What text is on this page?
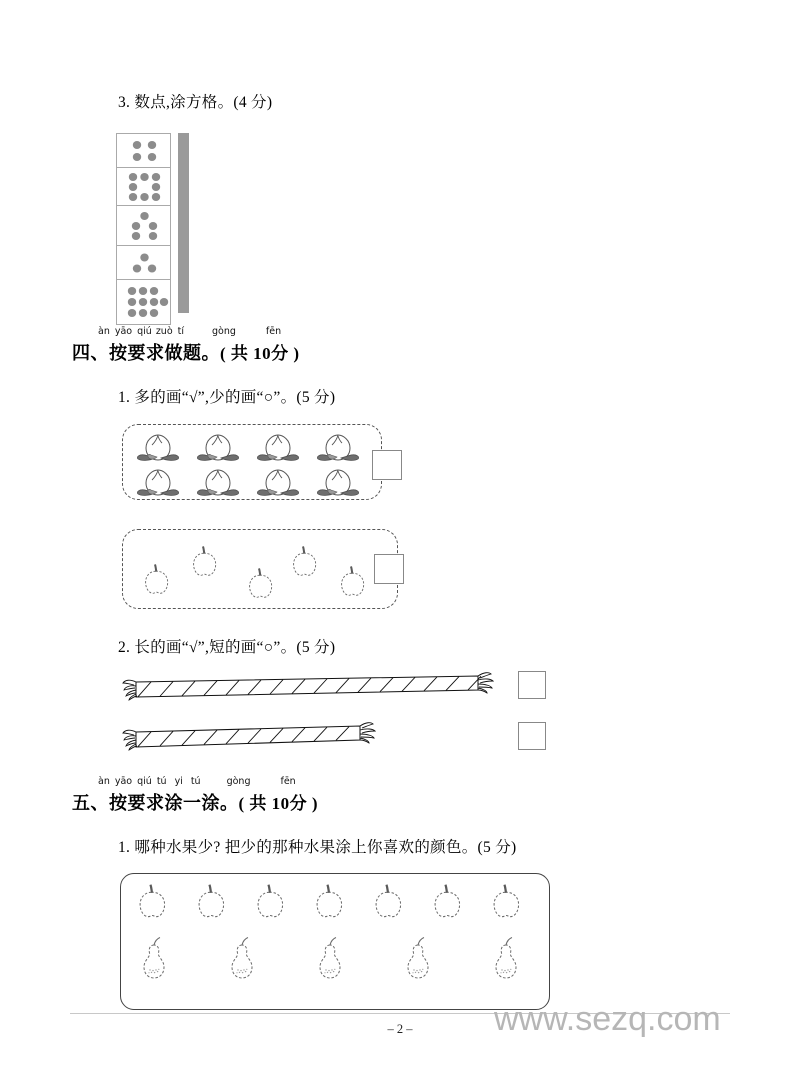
3. 数点,涂方格。(4 分)

àn yāo qiú zuò tí	gòng	fēn
四、按要求做题。( 共 10分 )
1. 多的画“√”,少的画“○”。(5 分)
2. 长的画“√”,短的画“○”。(5 分)
àn yāo qiú tú yi tú	gòng	fēn
五、按要求涂一涂。( 共 10分 )
1. 哪种水果少? 把少的那种水果涂上你喜欢的颜色。(5 分)
– 2 –	www.sezq.com
